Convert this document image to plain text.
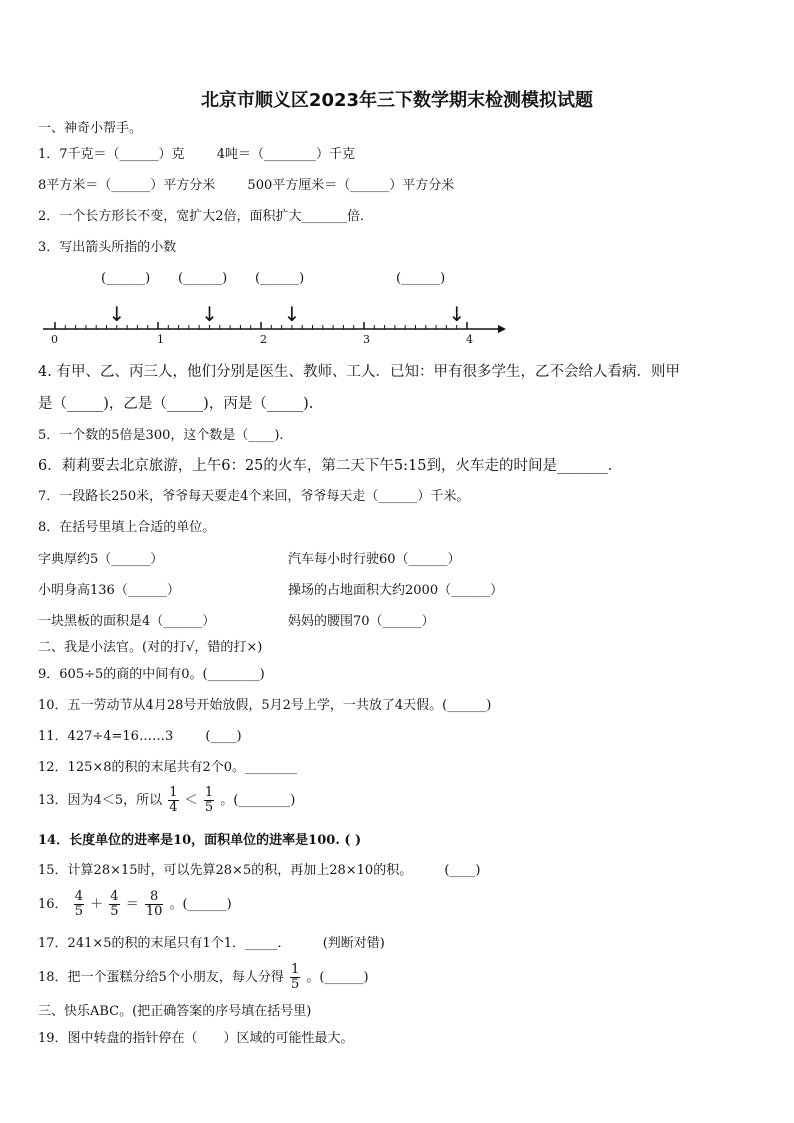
北京市顺义区2023年三下数学期末检测模拟试题
一、神奇小帮手。
1．7千克＝（______）克 4吨＝（________）千克
8平方米＝（______）平方分米 500平方厘米＝（______）平方分米
2．一个长方形长不变，宽扩大2倍，面积扩大_______倍．
3．写出箭头所指的小数
(______) (______) (______)	(______)
↓	↓	↓	↓
0	1	2	3	4
4. 有甲、乙、丙三人，他们分别是医生、教师、工人．已知：甲有很多学生，乙不会给人看病．则甲
是（_____)，乙是（_____)，丙是（_____).
5．一个数的5倍是300，这个数是（____).
6．莉莉要去北京旅游，上午6：25的火车，第二天下午5:15到，火车走的时间是_______．
7．一段路长250米，爷爷每天要走4个来回，爷爷每天走（______）千米。
8．在括号里填上合适的单位。
字典厚约5（______）	汽车每小时行驶60（______）
小明身高136（______）	操场的占地面积大约2000（______）
一块黑板的面积是4（______）	妈妈的腰围70（______）
二、我是小法官。(对的打√，错的打×)
9．605÷5的商的中间有0。(________)
10．五一劳动节从4月28号开始放假，5月2号上学，一共放了4天假。(______)
11．427÷4=16……3 (____)
12．125×8的积的末尾共有2个0。________
13．因为4＜5，所以 $\frac{1}{4} < \frac{1}{5}$ 。(________)
14．长度单位的进率是10，面积单位的进率是100. ( )
15．计算28×15时，可以先算28×5的积，再加上28×10的积。 (____)
16． $\frac{4}{5} + \frac{4}{5} = \frac{8}{10}$ 。(______)
17．241×5的积的末尾只有1个1．_____． (判断对错)
18．把一个蛋糕分给5个小朋友，每人分得 $\frac{1}{5}$ 。(______)
三、快乐ABC。(把正确答案的序号填在括号里)
19．图中转盘的指针停在（　　）区域的可能性最大。
